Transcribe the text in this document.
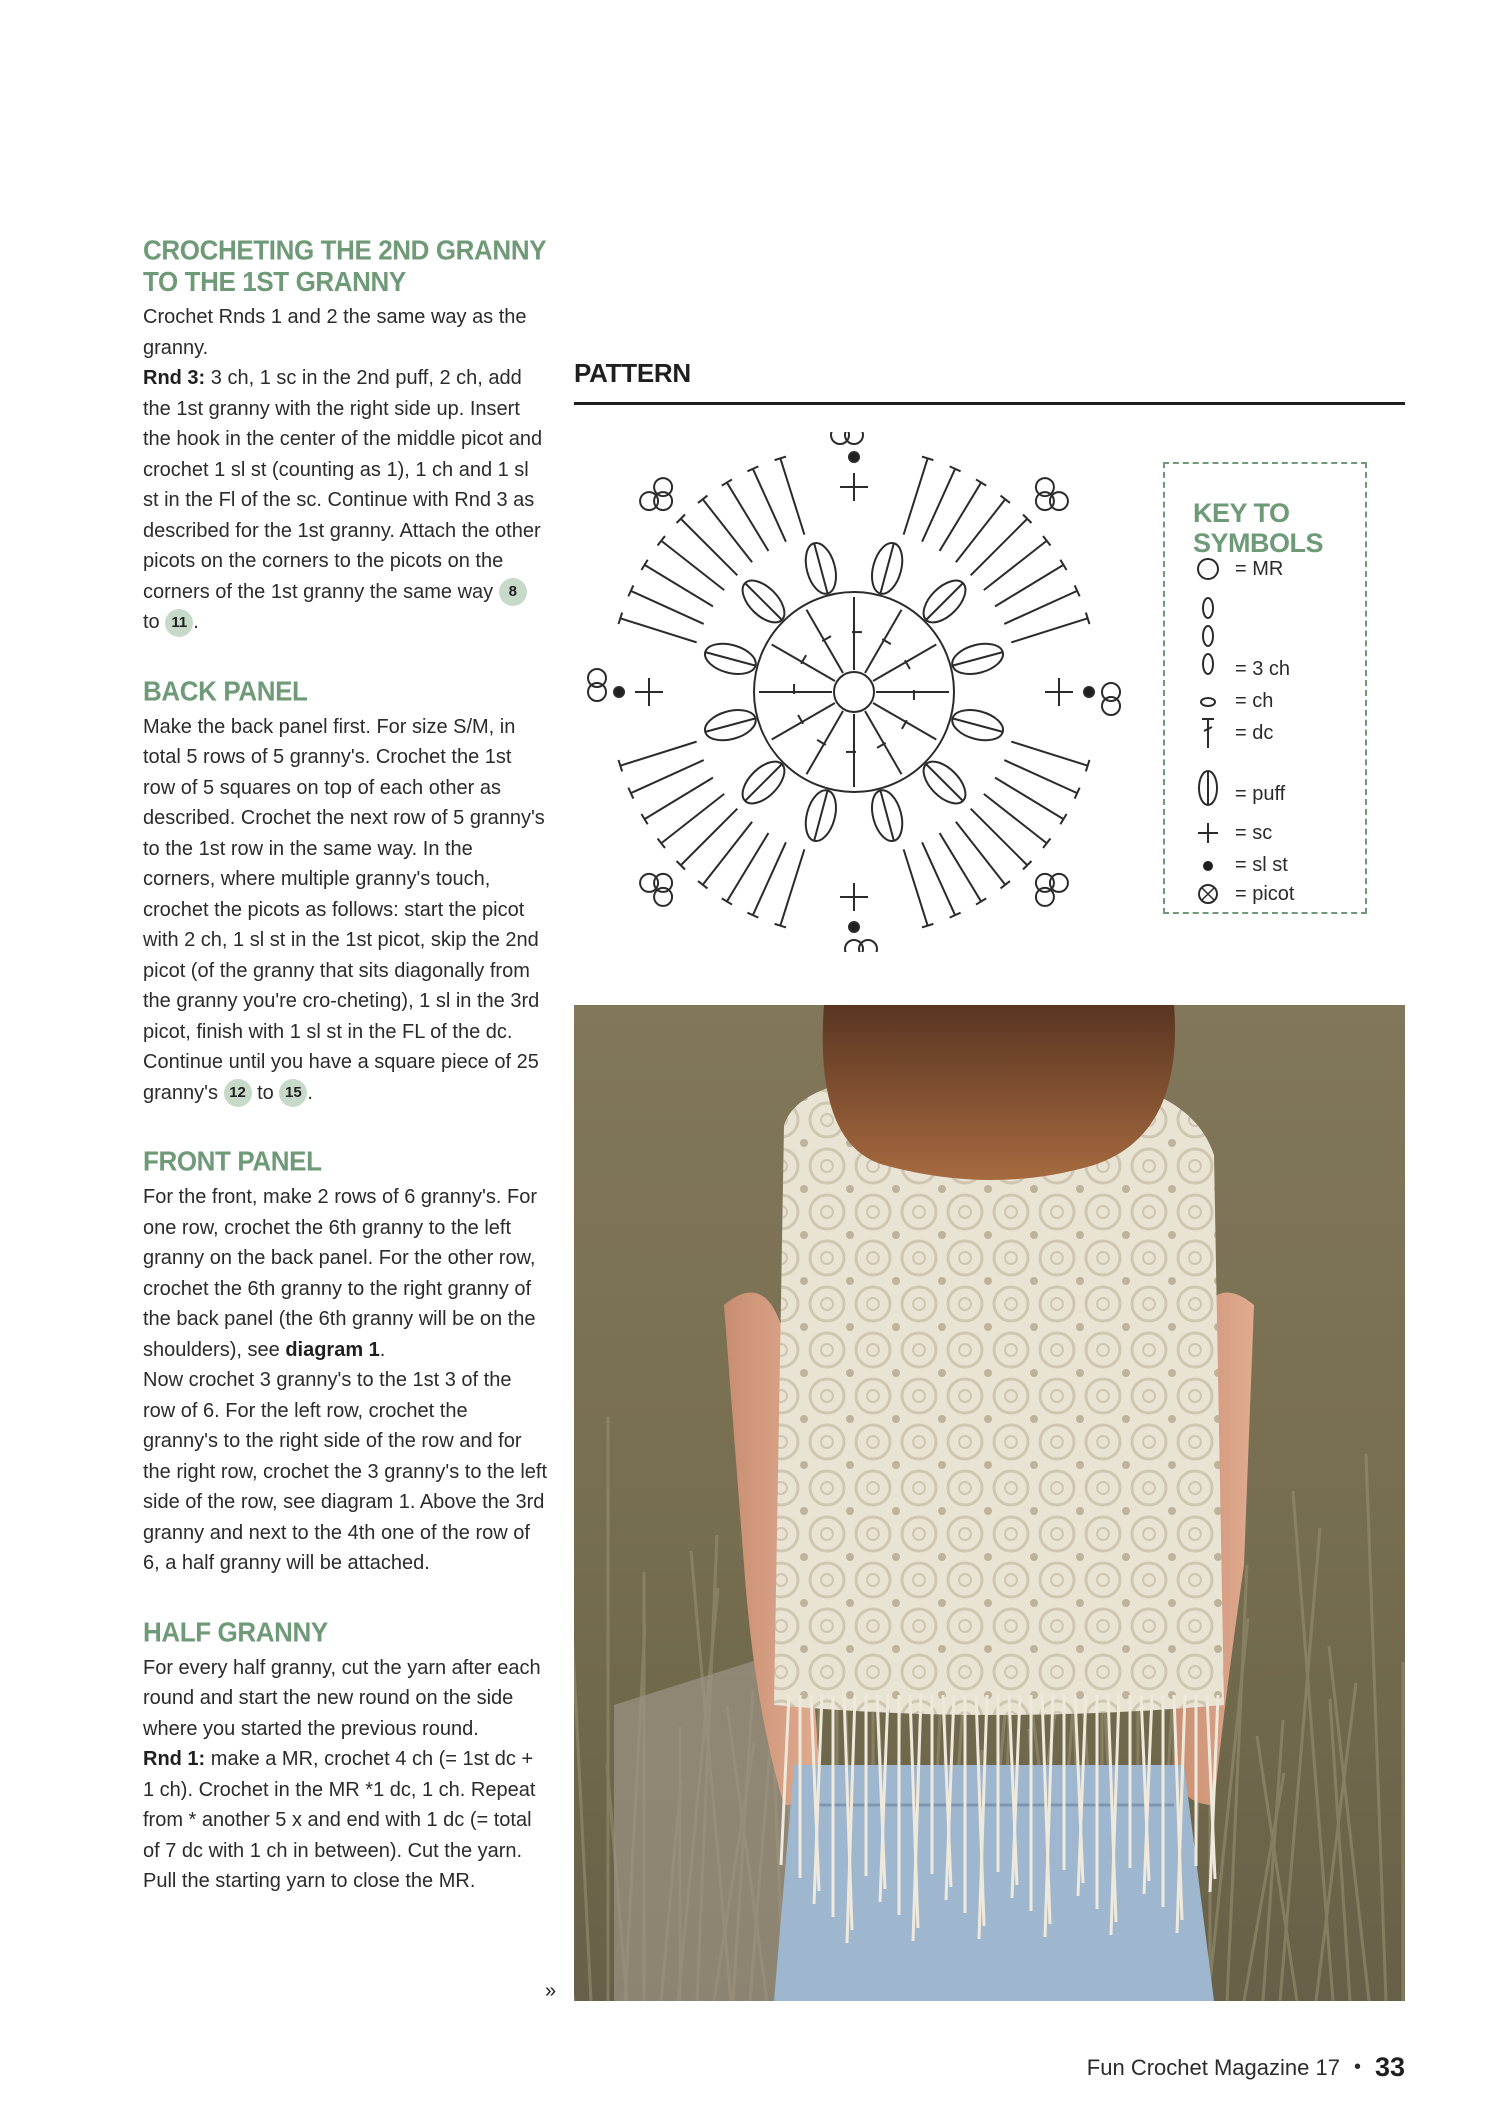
CROCHETING THE 2ND GRANNY
TO THE 1ST GRANNY

Crochet Rnds 1 and 2 the same way as the granny.
Rnd 3: 3 ch, 1 sc in the 2nd puff, 2 ch, add the 1st granny with the right side up. Insert the hook in the center of the middle picot and crochet 1 sl st (counting as 1), 1 ch and 1 sl st in the Fl of the sc. Continue with Rnd 3 as described for the 1st granny. Attach the other picots on the corners to the picots on the corners of the 1st granny the same way 8 to 11 .

BACK PANEL

Make the back panel first. For size S/M, in total 5 rows of 5 granny's. Crochet the 1st row of 5 squares on top of each other as described. Crochet the next row of 5 granny's to the 1st row in the same way. In the corners, where multiple granny's touch, crochet the picots as follows: start the picot with 2 ch, 1 sl st in the 1st picot, skip the 2nd picot (of the granny that sits diagonally from the granny you're cro-cheting), 1 sl in the 3rd picot, finish with 1 sl st in the FL of the dc. Continue until you have a square piece of 25 granny's 12 to 15 .

FRONT PANEL

For the front, make 2 rows of 6 granny's. For one row, crochet the 6th granny to the left granny on the back panel. For the other row, crochet the 6th granny to the right granny of the back panel (the 6th granny will be on the shoulders), see diagram 1.
Now crochet 3 granny's to the 1st 3 of the row of 6. For the left row, crochet the granny's to the right side of the row and for the right row, crochet the 3 granny's to the left side of the row, see diagram 1. Above the 3rd granny and next to the 4th one of the row of 6, a half granny will be attached.

HALF GRANNY

For every half granny, cut the yarn after each round and start the new round on the side where you started the previous round.
Rnd 1: make a MR, crochet 4 ch (= 1st dc + 1 ch). Crochet in the MR *1 dc, 1 ch. Repeat from * another 5 x and end with 1 dc (= total of 7 dc with 1 ch in between). Cut the yarn. Pull the starting yarn to close the MR.

»
PATTERN
KEY TO
SYMBOLS
= MR
= 3 ch
= ch
= dc
= puff
= sc
= sl st
= picot
Fun Crochet Magazine 17 • 33
